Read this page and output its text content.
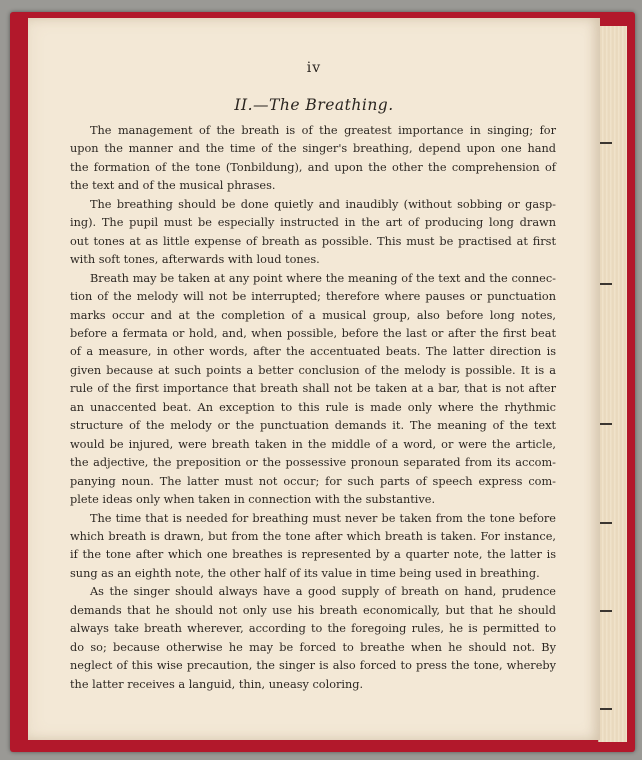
iv
II.—The Breathing.
The management of the breath is of the greatest importance in singing; for
upon the manner and the time of the singer's breathing, depend upon one hand
the formation of the tone (Tonbildung), and upon the other the comprehension of
the text and of the musical phrases.
The breathing should be done quietly and inaudibly (without sobbing or gasp-
ing). The pupil must be especially instructed in the art of producing long drawn
out tones at as little expense of breath as possible. This must be practised at first
with soft tones, afterwards with loud tones.
Breath may be taken at any point where the meaning of the text and the connec-
tion of the melody will not be interrupted; therefore where pauses or punctuation
marks occur and at the completion of a musical group, also before long notes,
before a fermata or hold, and, when possible, before the last or after the first beat
of a measure, in other words, after the accentuated beats. The latter direction is
given because at such points a better conclusion of the melody is possible. It is a
rule of the first importance that breath shall not be taken at a bar, that is not after
an unaccented beat. An exception to this rule is made only where the rhythmic
structure of the melody or the punctuation demands it. The meaning of the text
would be injured, were breath taken in the middle of a word, or were the article,
the adjective, the preposition or the possessive pronoun separated from its accom-
panying noun. The latter must not occur; for such parts of speech express com-
plete ideas only when taken in connection with the substantive.
The time that is needed for breathing must never be taken from the tone before
which breath is drawn, but from the tone after which breath is taken. For instance,
if the tone after which one breathes is represented by a quarter note, the latter is
sung as an eighth note, the other half of its value in time being used in breathing.
As the singer should always have a good supply of breath on hand, prudence
demands that he should not only use his breath economically, but that he should
always take breath wherever, according to the foregoing rules, he is permitted to
do so; because otherwise he may be forced to breathe when he should not. By
neglect of this wise precaution, the singer is also forced to press the tone, whereby
the latter receives a languid, thin, uneasy coloring.
